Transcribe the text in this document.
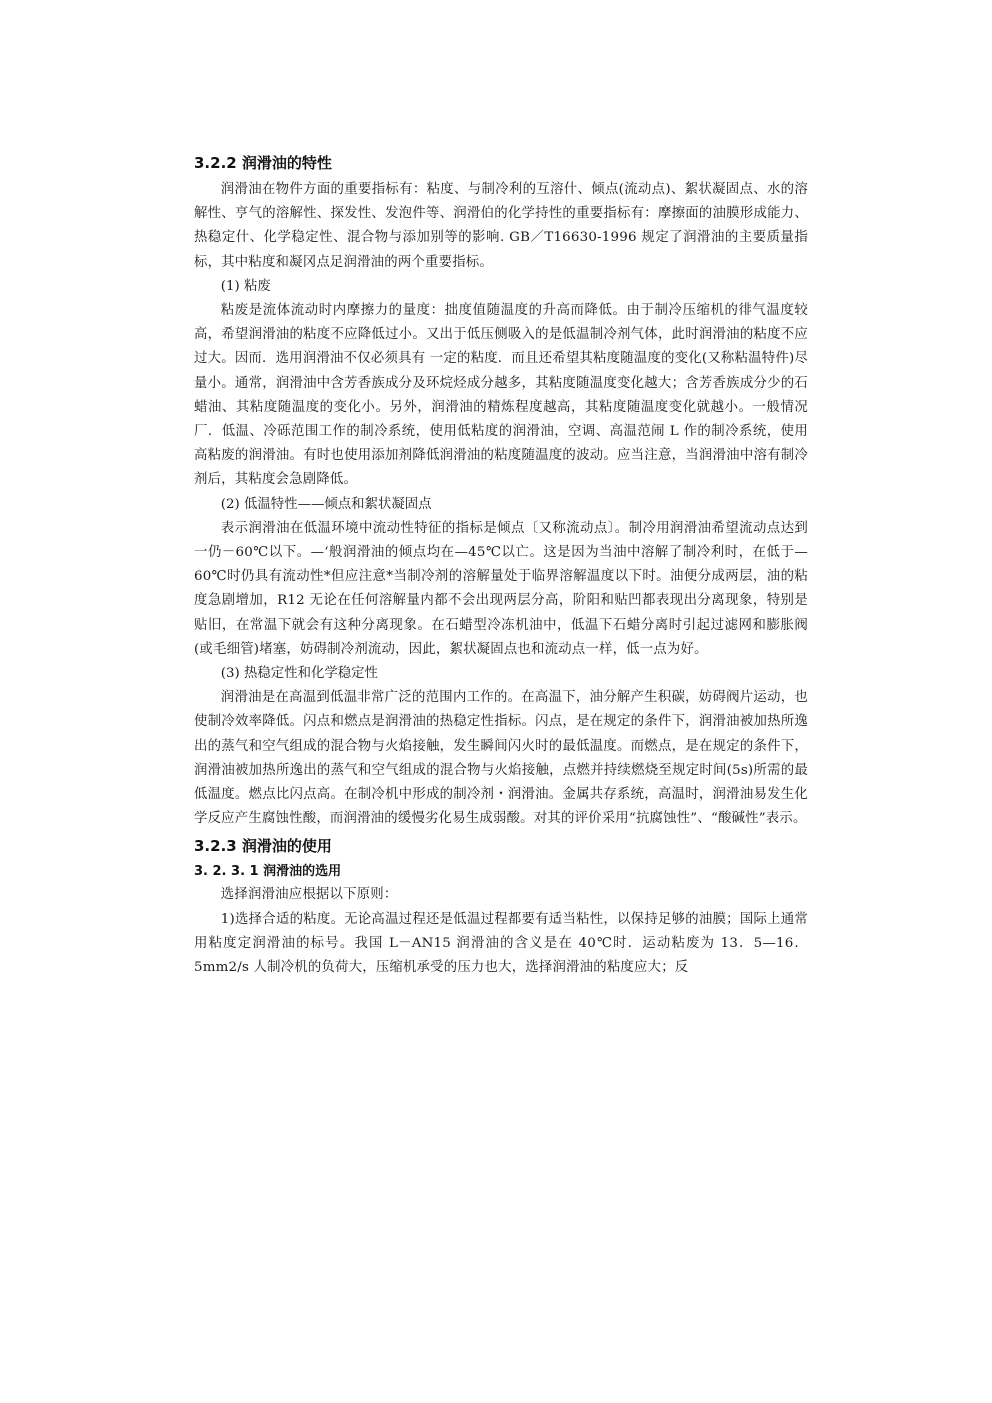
3.2.2 润滑油的特性

润滑油在物件方面的重要指标有：粘度、与制冷利的互溶什、倾点(流动点)、絮状凝固点、水的溶解性、亨气的溶解性、探发性、发泡件等、润滑伯的化学持性的重要指标有：摩擦面的油膜形成能力、热稳定什、化学稳定性、混合物与添加别等的影响. GB／T16630-1996 规定了润滑油的主要质量指标，其中粘度和凝冈点足润滑油的两个重要指标。

(1) 粘废

粘废是流体流动时内摩擦力的量度：拙度值随温度的升高而降低。由于制冷压缩机的徘气温度较高，希望润滑油的粘度不应降低过小。又出于低压侧吸入的是低温制冷剂气体，此时润滑油的粘度不应过大。因而．选用润滑油不仅必须具有 一定的粘度．而且还希望其粘度随温度的变化(又称粘温特件)尽量小。通常，润滑油中含芳香族成分及环烷烃成分越多，其粘度随温度变化越大；含芳香族成分少的石蜡油、其粘度随温度的变化小。另外，润滑油的精炼程度越高，其粘度随温度变化就越小。一般情况厂．低温、冷砾范围工作的制冷系统，使用低粘度的润滑油，空调、高温范闹 L 作的制冷系统，使用高粘废的润滑油。有时也使用添加剂降低润滑油的粘度随温度的波动。应当注意，当润滑油中溶有制冷剂后，其粘度会急剧降低。

(2) 低温特性——倾点和絮状凝固点

表示润滑油在低温环境中流动性特征的指标是倾点〔又称流动点〕。制冷用润滑油希望流动点达到一仍－60℃以下。—‘般润滑油的倾点均在—45℃以亡。这是因为当油中溶解了制冷利时，在低于—60℃时仍具有流动性*但应注意*当制冷剂的溶解量处于临界溶解温度以下时。油便分成两层，油的粘度急剧增加，R12 无论在任何溶解量内都不会出现两层分高，阶阳和贴凹都表现出分离现象，特别是贴旧，在常温下就会有这种分离现象。在石蜡型冷冻机油中，低温下石蜡分离时引起过滤网和膨胀阀(或毛细管)堵塞，妨碍制冷剂流动，因此，絮状凝固点也和流动点一样，低一点为好。

(3) 热稳定性和化学稳定性

润滑油是在高温到低温非常广泛的范围内工作的。在高温下，油分解产生积碳，妨碍阀片运动，也使制冷效率降低。闪点和燃点是润滑油的热稳定性指标。闪点，是在规定的条件下，润滑油被加热所逸出的蒸气和空气组成的混合物与火焰接触，发生瞬间闪火时的最低温度。而燃点，是在规定的条件下，润滑油被加热所逸出的蒸气和空气组成的混合物与火焰接触，点燃并持续燃烧至规定时间(5s)所需的最低温度。燃点比闪点高。在制冷机中形成的制冷剂・润滑油。金属共存系统，高温时，润滑油易发生化学反应产生腐蚀性酸，而润滑油的缓慢劣化易生成弱酸。对其的评价采用“抗腐蚀性”、“酸碱性”表示。

3.2.3 润滑油的使用
3. 2. 3. 1 润滑油的选用

选择润滑油应根据以下原则：

1)选择合适的粘度。无论高温过程还是低温过程都要有适当粘性，以保持足够的油膜；国际上通常用粘度定润滑油的标号。我国 L－AN15 润滑油的含义是在 40℃时．运动粘废为 13．5—16．5mm2/s 人制冷机的负荷大，压缩机承受的压力也大，选择润滑油的粘度应大；反
